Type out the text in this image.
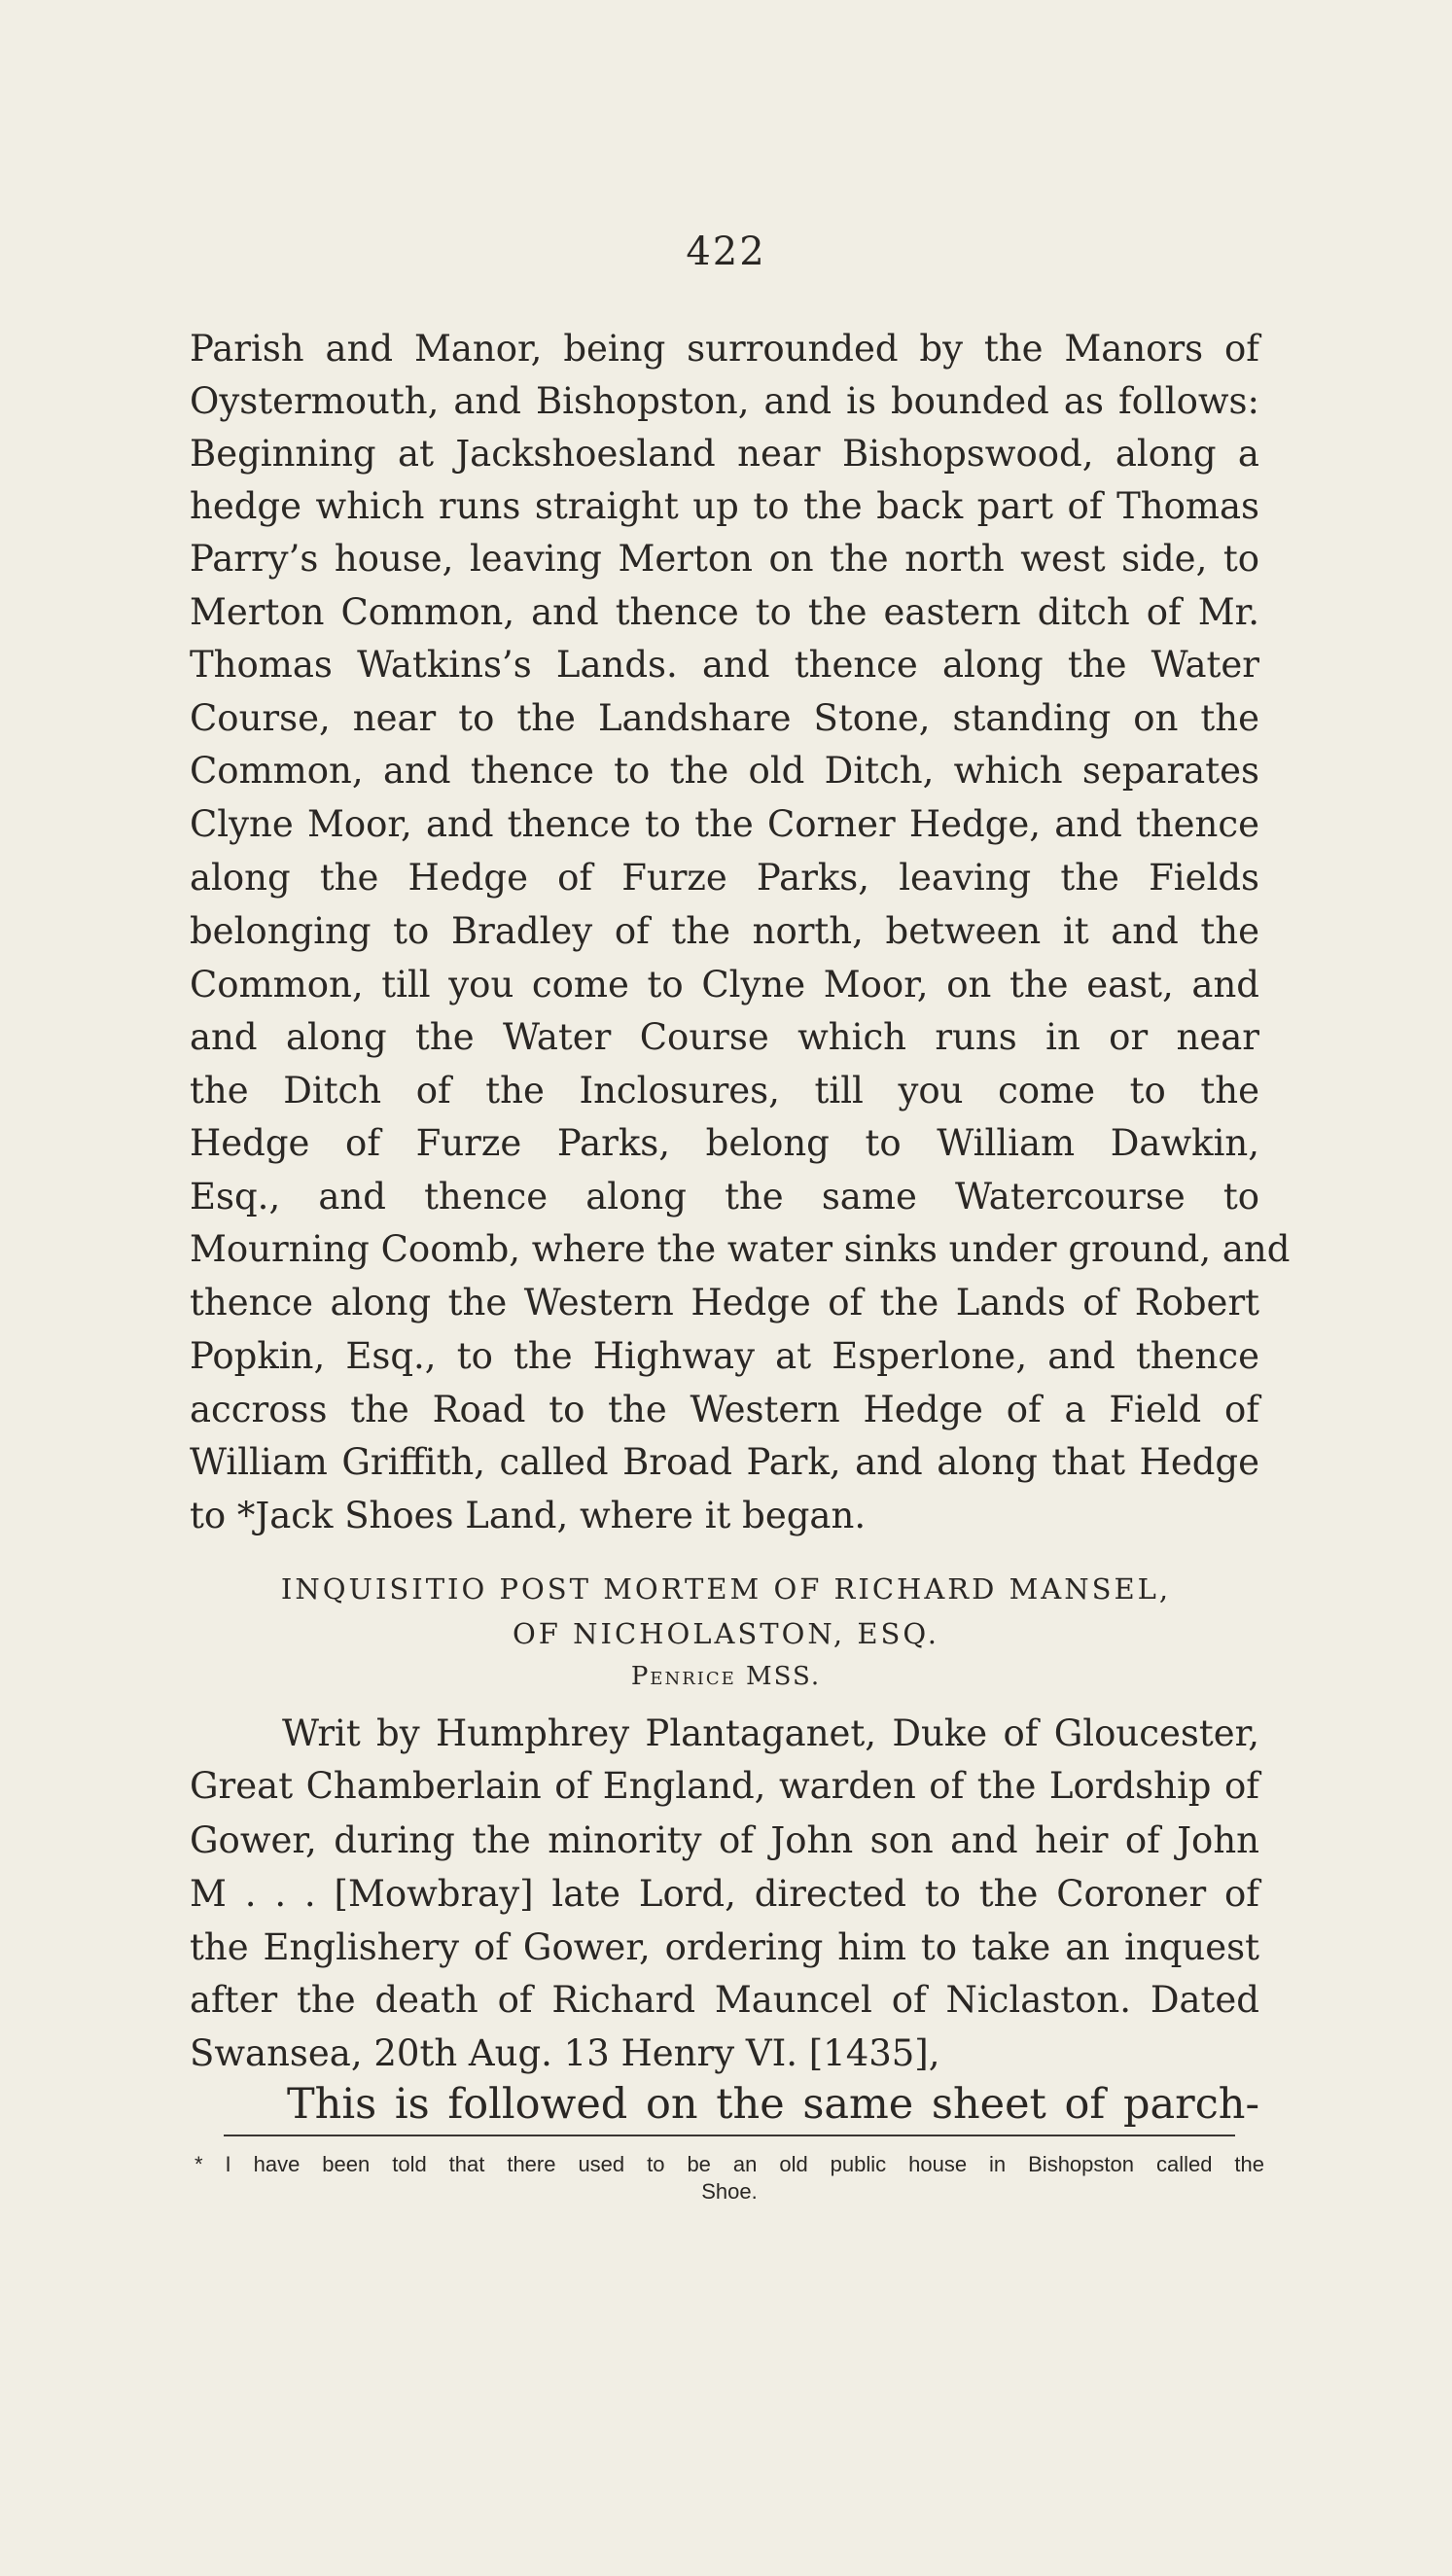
422
Parish and Manor, being surrounded by the Manors of
Oystermouth, and Bishopston, and is bounded as follows:
Beginning at Jackshoesland near Bishopswood, along a
hedge which runs straight up to the back part of Thomas
Parry’s house, leaving Merton on the north west side, to
Merton Common, and thence to the eastern ditch of Mr.
Thomas Watkins’s Lands. and thence along the Water
Course, near to the Landshare Stone, standing on the
Common, and thence to the old Ditch, which separates
Clyne Moor, and thence to the Corner Hedge, and thence
along the Hedge of Furze Parks, leaving the Fields
belonging to Bradley of the north, between it and the
Common, till you come to Clyne Moor, on the east, and
and along the Water Course which runs in or near
the Ditch of the Inclosures, till you come to the
Hedge of Furze Parks, belong to William Dawkin,
Esq., and thence along the same Watercourse to
Mourning Coomb, where the water sinks under ground, and
thence along the Western Hedge of the Lands of Robert
Popkin, Esq., to the Highway at Esperlone, and thence
accross the Road to the Western Hedge of a Field of
William Griffith, called Broad Park, and along that Hedge
to *Jack Shoes Land, where it began.
INQUISITIO POST MORTEM OF RICHARD MANSEL,
OF NICHOLASTON, ESQ.
Penrice MSS.
Writ by Humphrey Plantaganet, Duke of Gloucester,
Great Chamberlain of England, warden of the Lordship of
Gower, during the minority of John son and heir of John
M . . . [Mowbray] late Lord, directed to the Coroner of
the Englishery of Gower, ordering him to take an inquest
after the death of Richard Mauncel of Niclaston. Dated
Swansea, 20th Aug. 13 Henry VI. [1435],
This is followed on the same sheet of parch-
* I have been told that there used to be an old public house in Bishopston called the
Shoe.
